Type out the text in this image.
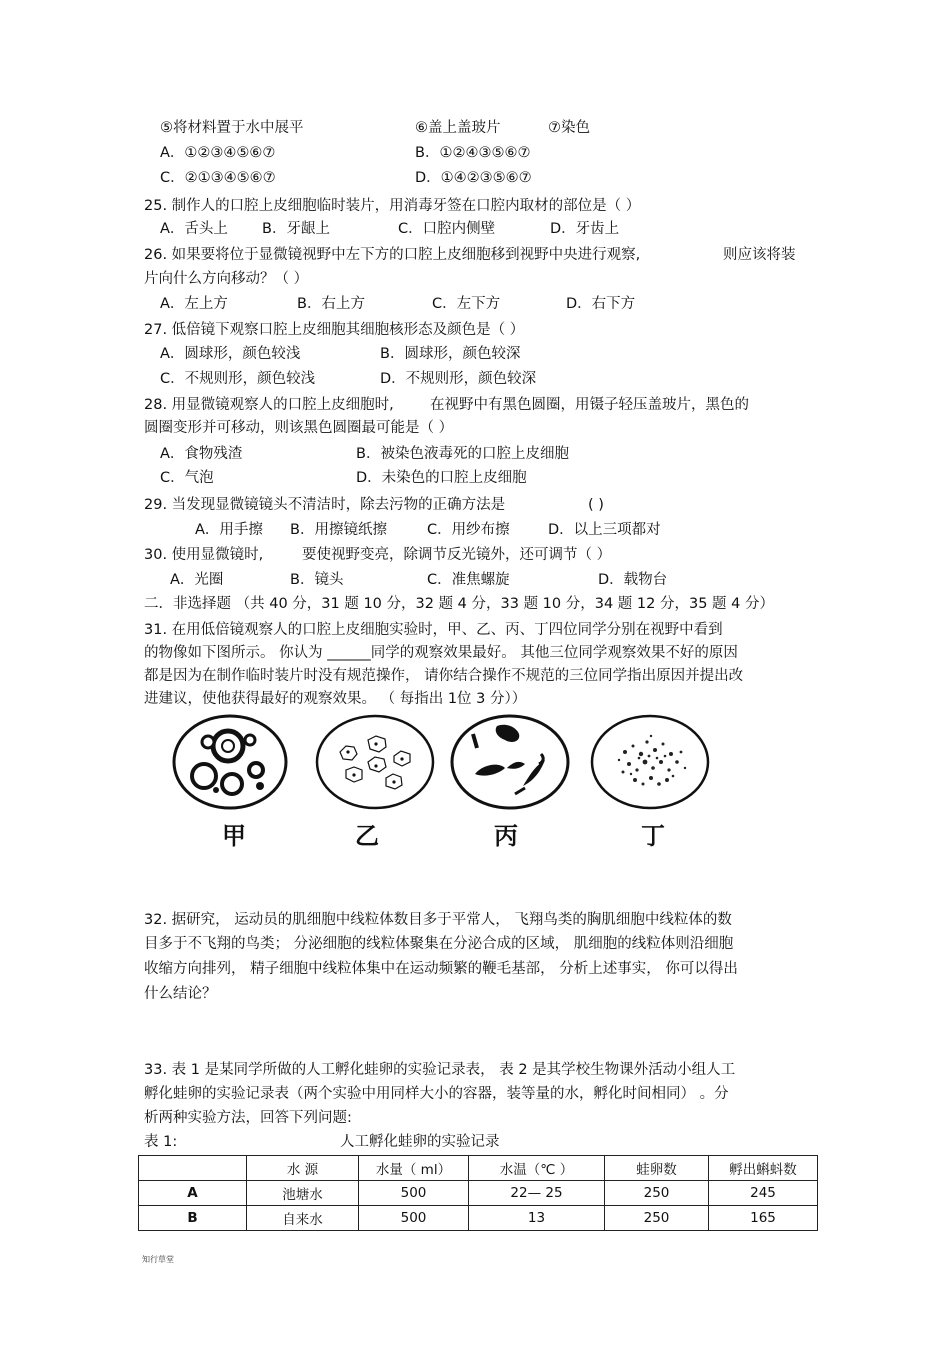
⑤将材料置于水中展平	⑥盖上盖玻片	⑦染色
A．①②③④⑤⑥⑦	B．①②④③⑤⑥⑦
C．②①③④⑤⑥⑦	D．①④②③⑤⑥⑦
25. 制作人的口腔上皮细胞临时装片，用消毒牙签在口腔内取材的部位是（ ）
A．舌头上 B．牙龈上	C．口腔内侧壁	D．牙齿上
26. 如果要将位于显微镜视野中左下方的口腔上皮细胞移到视野中央进行观察,	则应该将装
片向什么方向移动？（ ）
A．左上方	B．右上方	C．左下方	D．右下方
27. 低倍镜下观察口腔上皮细胞其细胞核形态及颜色是（ ）
A．圆球形，颜色较浅	B．圆球形，颜色较深
C．不规则形，颜色较浅	D．不规则形，颜色较深
28. 用显微镜观察人的口腔上皮细胞时, 在视野中有黑色圆圈，用镊子轻压盖玻片，黑色的
圆圈变形并可移动，则该黑色圆圈最可能是（ ）
A．食物残渣	B．被染色液毒死的口腔上皮细胞
C．气泡	D．未染色的口腔上皮细胞
29. 当发现显微镜镜头不清洁时，除去污物的正确方法是	( )
A．用手擦 B．用擦镜纸擦	C．用纱布擦	D．以上三项都对
30. 使用显微镜时,	要使视野变亮，除调节反光镜外，还可调节（ ）
A．光圈	B．镜头	C．准焦螺旋	D．载物台
二．非选择题 （共 40 分，31 题 10 分，32 题 4 分，33 题 10 分，34 题 12 分，35 题 4 分）
31. 在用低倍镜观察人的口腔上皮细胞实验时，甲、乙、丙、丁四位同学分别在视野中看到
的物像如下图所示。 你认为 ______同学的观察效果最好。 其他三位同学观察效果不好的原因
都是因为在制作临时装片时没有规范操作， 请你结合操作不规范的三位同学指出原因并提出改
进建议，使他获得最好的观察效果。 （ 每指出 1位 3 分））
32. 据研究， 运动员的肌细胞中线粒体数目多于平常人， 飞翔鸟类的胸肌细胞中线粒体的数
目多于不飞翔的鸟类； 分泌细胞的线粒体聚集在分泌合成的区域， 肌细胞的线粒体则沿细胞
收缩方向排列， 精子细胞中线粒体集中在运动频繁的鞭毛基部， 分析上述事实， 你可以得出
什么结论？
33. 表 1 是某同学所做的人工孵化蛙卵的实验记录表， 表 2 是其学校生物课外活动小组人工
孵化蛙卵的实验记录表（两个实验中用同样大小的容器，装等量的水，孵化时间相同） 。分
析两种实验方法，回答下列问题:
表 1:	人工孵化蛙卵的实验记录
甲	乙	丙	丁
	水 源	水量（ ml）	水温（℃ ）	蛙卵数	孵出蝌蚪数
A	池塘水	500	22— 25	250	245
B	自来水	500	13	250	165
知行草堂
